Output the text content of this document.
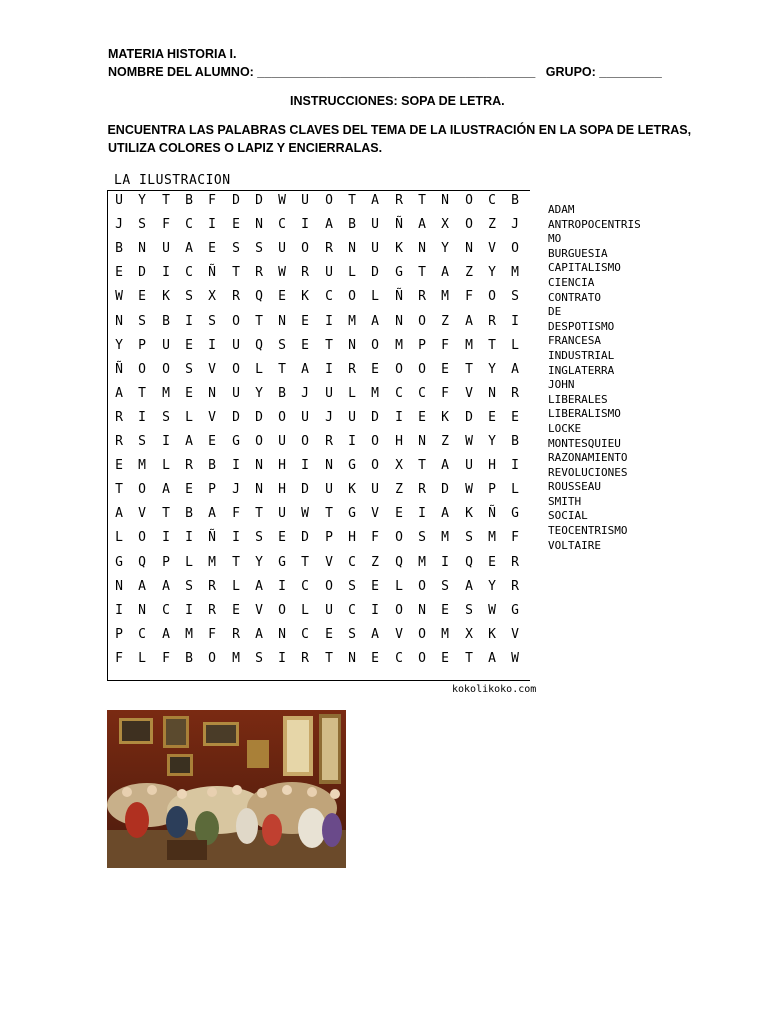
MATERIA HISTORIA I.
NOMBRE DEL ALUMNO: ________________________________________   GRUPO: _________
INSTRUCCIONES: SOPA DE LETRA.
ENCUENTRA LAS PALABRAS CLAVES DEL TEMA DE LA ILUSTRACIÓN EN LA SOPA DE LETRAS,
UTILIZA COLORES O LAPIZ Y ENCIERRALAS.
LA ILUSTRACION
U	Y	T	B	F	D	D	W	U	O	T	A	R	T	N	O	C	B
J	S	F	C	I	E	N	C	I	A	B	U	Ñ	A	X	O	Z	J
B	N	U	A	E	S	S	U	O	R	N	U	K	N	Y	N	V	O
E	D	I	C	Ñ	T	R	W	R	U	L	D	G	T	A	Z	Y	M
W	E	K	S	X	R	Q	E	K	C	O	L	Ñ	R	M	F	O	S
N	S	B	I	S	O	T	N	E	I	M	A	N	O	Z	A	R	I
Y	P	U	E	I	U	Q	S	E	T	N	O	M	P	F	M	T	L
Ñ	O	O	S	V	O	L	T	A	I	R	E	O	O	E	T	Y	A
A	T	M	E	N	U	Y	B	J	U	L	M	C	C	F	V	N	R
R	I	S	L	V	D	D	O	U	J	U	D	I	E	K	D	E	E
R	S	I	A	E	G	O	U	O	R	I	O	H	N	Z	W	Y	B
E	M	L	R	B	I	N	H	I	N	G	O	X	T	A	U	H	I
T	O	A	E	P	J	N	H	D	U	K	U	Z	R	D	W	P	L
A	V	T	B	A	F	T	U	W	T	G	V	E	I	A	K	Ñ	G
L	O	I	I	Ñ	I	S	E	D	P	H	F	O	S	M	S	M	F
G	Q	P	L	M	T	Y	G	T	V	C	Z	Q	M	I	Q	E	R
N	A	A	S	R	L	A	I	C	O	S	E	L	O	S	A	Y	R
I	N	C	I	R	E	V	O	L	U	C	I	O	N	E	S	W	G
P	C	A	M	F	R	A	N	C	E	S	A	V	O	M	X	K	V
F	L	F	B	O	M	S	I	R	T	N	E	C	O	E	T	A	W
ADAM
ANTROPOCENTRIS
MO
BURGUESIA
CAPITALISMO
CIENCIA
CONTRATO
DE
DESPOTISMO
FRANCESA
INDUSTRIAL
INGLATERRA
JOHN
LIBERALES
LIBERALISMO
LOCKE
MONTESQUIEU
RAZONAMIENTO
REVOLUCIONES
ROUSSEAU
SMITH
SOCIAL
TEOCENTRISMO
VOLTAIRE
kokolikoko.com
